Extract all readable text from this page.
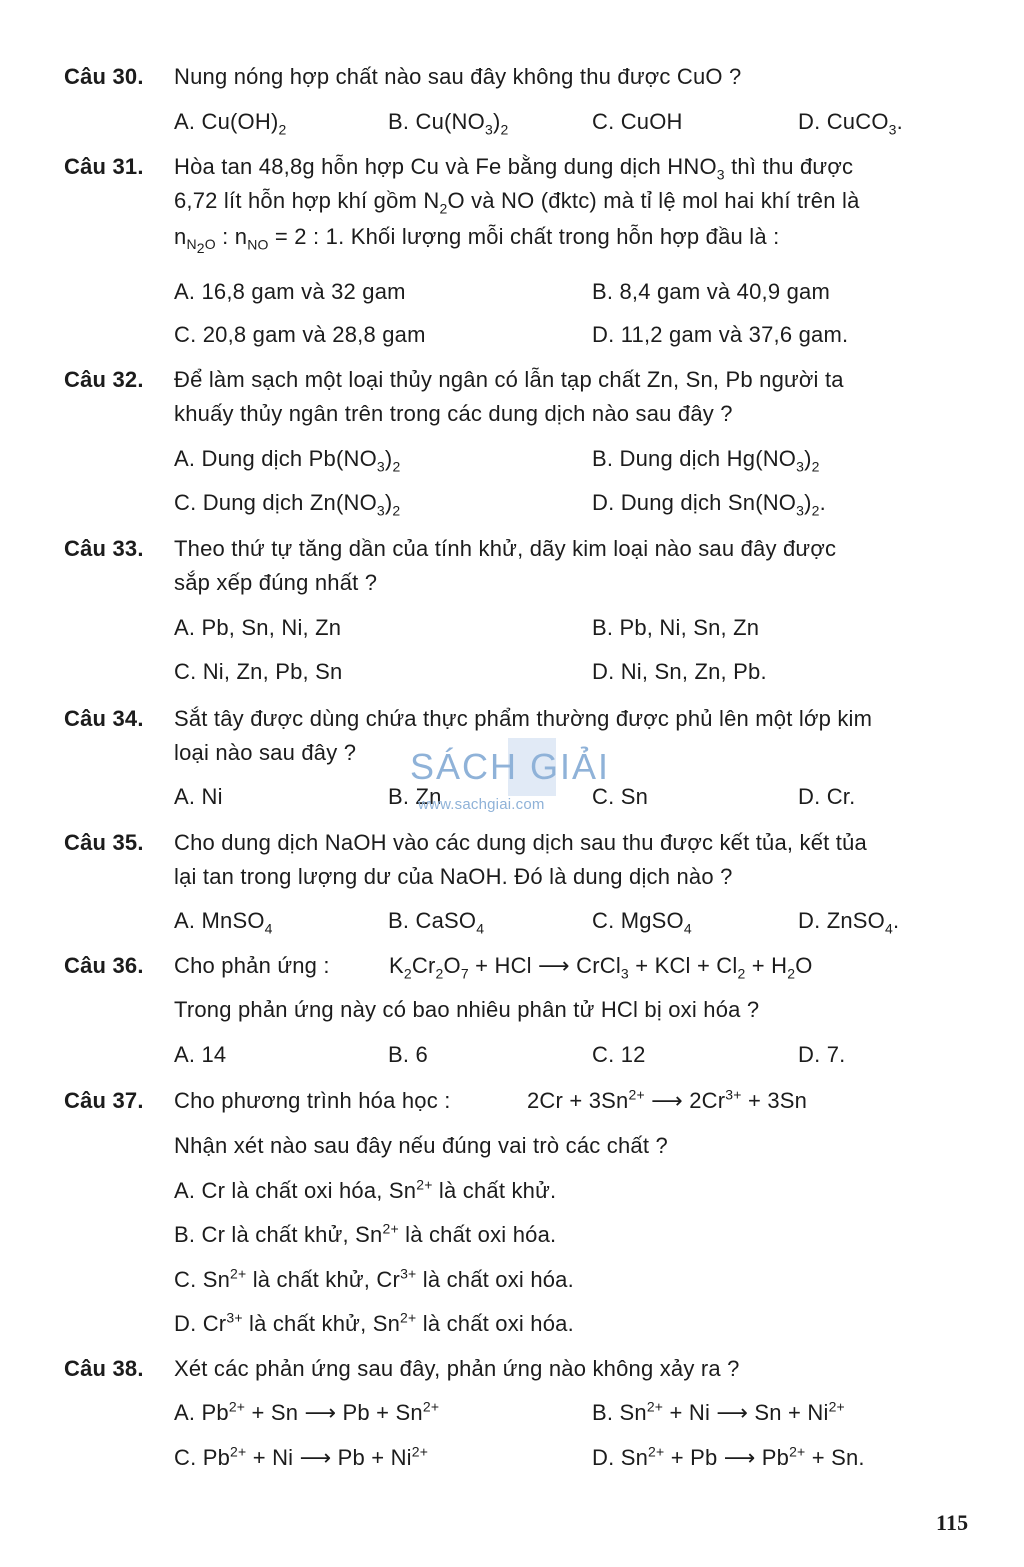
Câu 30. Nung nóng hợp chất nào sau đây không thu được CuO ?
A. $Cu(OH)_2$	B. $Cu(NO_3)_2$	C. CuOH	D. CuCO$_3$.
Câu 31. Hòa tan 48,8g hỗn hợp Cu và Fe bằng dung dịch $HNO_3$ thì thu được
6,72 lít hỗn hợp khí gồm $N_2O$ và NO (đktc) mà tỉ lệ mol hai khí trên là
$n_{N_2O}$ : $n_{NO} = 2$ : 1. Khối lượng mỗi chất trong hỗn hợp đầu là :
A. 16,8 gam và 32 gam	B. 8,4 gam và 40,9 gam
C. 20,8 gam và 28,8 gam	D. 11,2 gam và 37,6 gam.
Câu 32. Để làm sạch một loại thủy ngân có lẫn tạp chất Zn, Sn, Pb người ta
khuấy thủy ngân trên trong các dung dịch nào sau đây ?
A. Dung dịch $Pb(NO_3)_2$	B. Dung dịch $Hg(NO_3)_2$
C. Dung dịch $Zn(NO_3)_2$	D. Dung dịch $Sn(NO_3)_2$.
Câu 33. Theo thứ tự tăng dần của tính khử, dãy kim loại nào sau đây được
sắp xếp đúng nhất ?
A. Pb, Sn, Ni, Zn	B. Pb, Ni, Sn, Zn
C. Ni, Zn, Pb, Sn	D. Ni, Sn, Zn, Pb.
Câu 34. Sắt tây được dùng chứa thực phẩm thường được phủ lên một lớp kim
loại nào sau đây ?
A. Ni	B. Zn	C. Sn	D. Cr.
SÁCH GIẢI
www.sachgiai.com
Câu 35. Cho dung dịch NaOH vào các dung dịch sau thu được kết tủa, kết tủa
lại tan trong lượng dư của NaOH. Đó là dung dịch nào ?
A. MnSO$_4$	B. CaSO$_4$	C. MgSO$_4$	D. ZnSO$_4$.
Câu 36. Cho phản ứng :	$K_2Cr_2O_7$ + HCl ⟶ CrCl$_3$ + KCl + $Cl_2 + H_2O$
Trong phản ứng này có bao nhiêu phân tử HCl bị oxi hóa ?
A. 14	B. 6	C. 12	D. 7.
Câu 37. Cho phương trình hóa học :	$2Cr + 3Sn^{2+}$ ⟶ $2Cr^{3+} + 3Sn$
Nhận xét nào sau đây nếu đúng vai trò các chất ?
A. Cr là chất oxi hóa, $Sn^{2+}$ là chất khử.
B. Cr là chất khử, $Sn^{2+}$ là chất oxi hóa.
C. $Sn^{2+}$ là chất khử, $Cr^{3+}$ là chất oxi hóa.
D. $Cr^{3+}$ là chất khử, $Sn^{2+}$ là chất oxi hóa.
Câu 38. Xét các phản ứng sau đây, phản ứng nào không xảy ra ?
A. $Pb^{2+} + Sn$ ⟶ $Pb + Sn^{2+}$	B. $Sn^{2+} + Ni$ ⟶ $Sn + Ni^{2+}$
C. $Pb^{2+} + Ni$ ⟶ $Pb + Ni^{2+}$	D. $Sn^{2+} + Pb$ ⟶ $Pb^{2+} + Sn$.
115
